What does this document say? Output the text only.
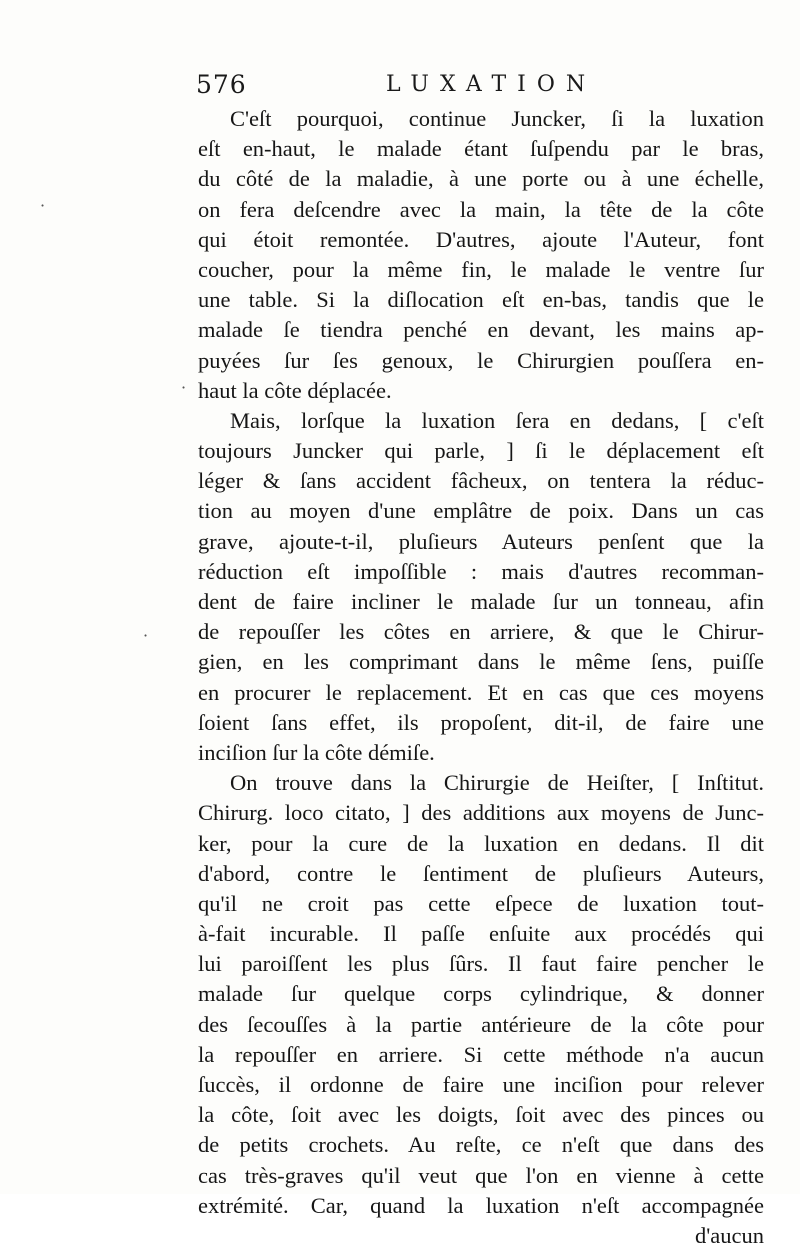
576	LUXATION
·
·
·
C'eſt pourquoi, continue Juncker, ſi la luxation
eſt en-haut, le malade étant ſuſpendu par le bras,
du côté de la maladie, à une porte ou à une échelle,
on fera deſcendre avec la main, la tête de la côte
qui étoit remontée. D'autres, ajoute l'Auteur, font
coucher, pour la même fin, le malade le ventre ſur
une table. Si la diſlocation eſt en-bas, tandis que le
malade ſe tiendra penché en devant, les mains ap-
puyées ſur ſes genoux, le Chirurgien pouſſera en-
haut la côte déplacée.
Mais, lorſque la luxation ſera en dedans, [ c'eſt
toujours Juncker qui parle, ] ſi le déplacement eſt
léger & ſans accident fâcheux, on tentera la réduc-
tion au moyen d'une emplâtre de poix. Dans un cas
grave, ajoute-t-il, pluſieurs Auteurs penſent que la
réduction eſt impoſſible : mais d'autres recomman-
dent de faire incliner le malade ſur un tonneau, afin
de repouſſer les côtes en arriere, & que le Chirur-
gien, en les comprimant dans le même ſens, puiſſe
en procurer le replacement. Et en cas que ces moyens
ſoient ſans effet, ils propoſent, dit-il, de faire une
inciſion ſur la côte démiſe.
On trouve dans la Chirurgie de Heiſter, [ Inſtitut.
Chirurg. loco citato, ] des additions aux moyens de Junc-
ker, pour la cure de la luxation en dedans. Il dit
d'abord, contre le ſentiment de pluſieurs Auteurs,
qu'il ne croit pas cette eſpece de luxation tout-
à-fait incurable. Il paſſe enſuite aux procédés qui
lui paroiſſent les plus ſûrs. Il faut faire pencher le
malade ſur quelque corps cylindrique, & donner
des ſecouſſes à la partie antérieure de la côte pour
la repouſſer en arriere. Si cette méthode n'a aucun
ſuccès, il ordonne de faire une inciſion pour relever
la côte, ſoit avec les doigts, ſoit avec des pinces ou
de petits crochets. Au reſte, ce n'eſt que dans des
cas très-graves qu'il veut que l'on en vienne à cette
extrémité. Car, quand la luxation n'eſt accompagnée
d'aucun
